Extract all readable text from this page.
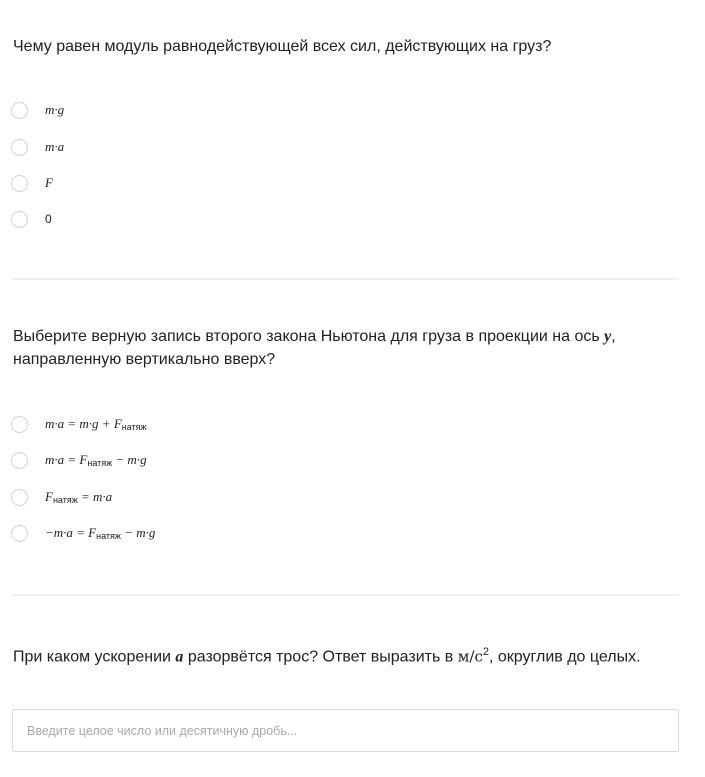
Чему равен модуль равнодействующей всех сил, действующих на груз?
m·g
m·a
F
0
Выберите верную запись второго закона Ньютона для груза в проекции на ось y, направленную вертикально вверх?
$m\cdot a = m\cdot g + F_{натяж}$
$m\cdot a = F_{натяж} - m\cdot g$
$F_{натяж} = m\cdot a$
$-m\cdot a = F_{натяж} - m\cdot g$
При каком ускорении a разорвётся трос? Ответ выразить в $м/с^2$, округлив до целых.
Введите целое число или десятичную дробь...
